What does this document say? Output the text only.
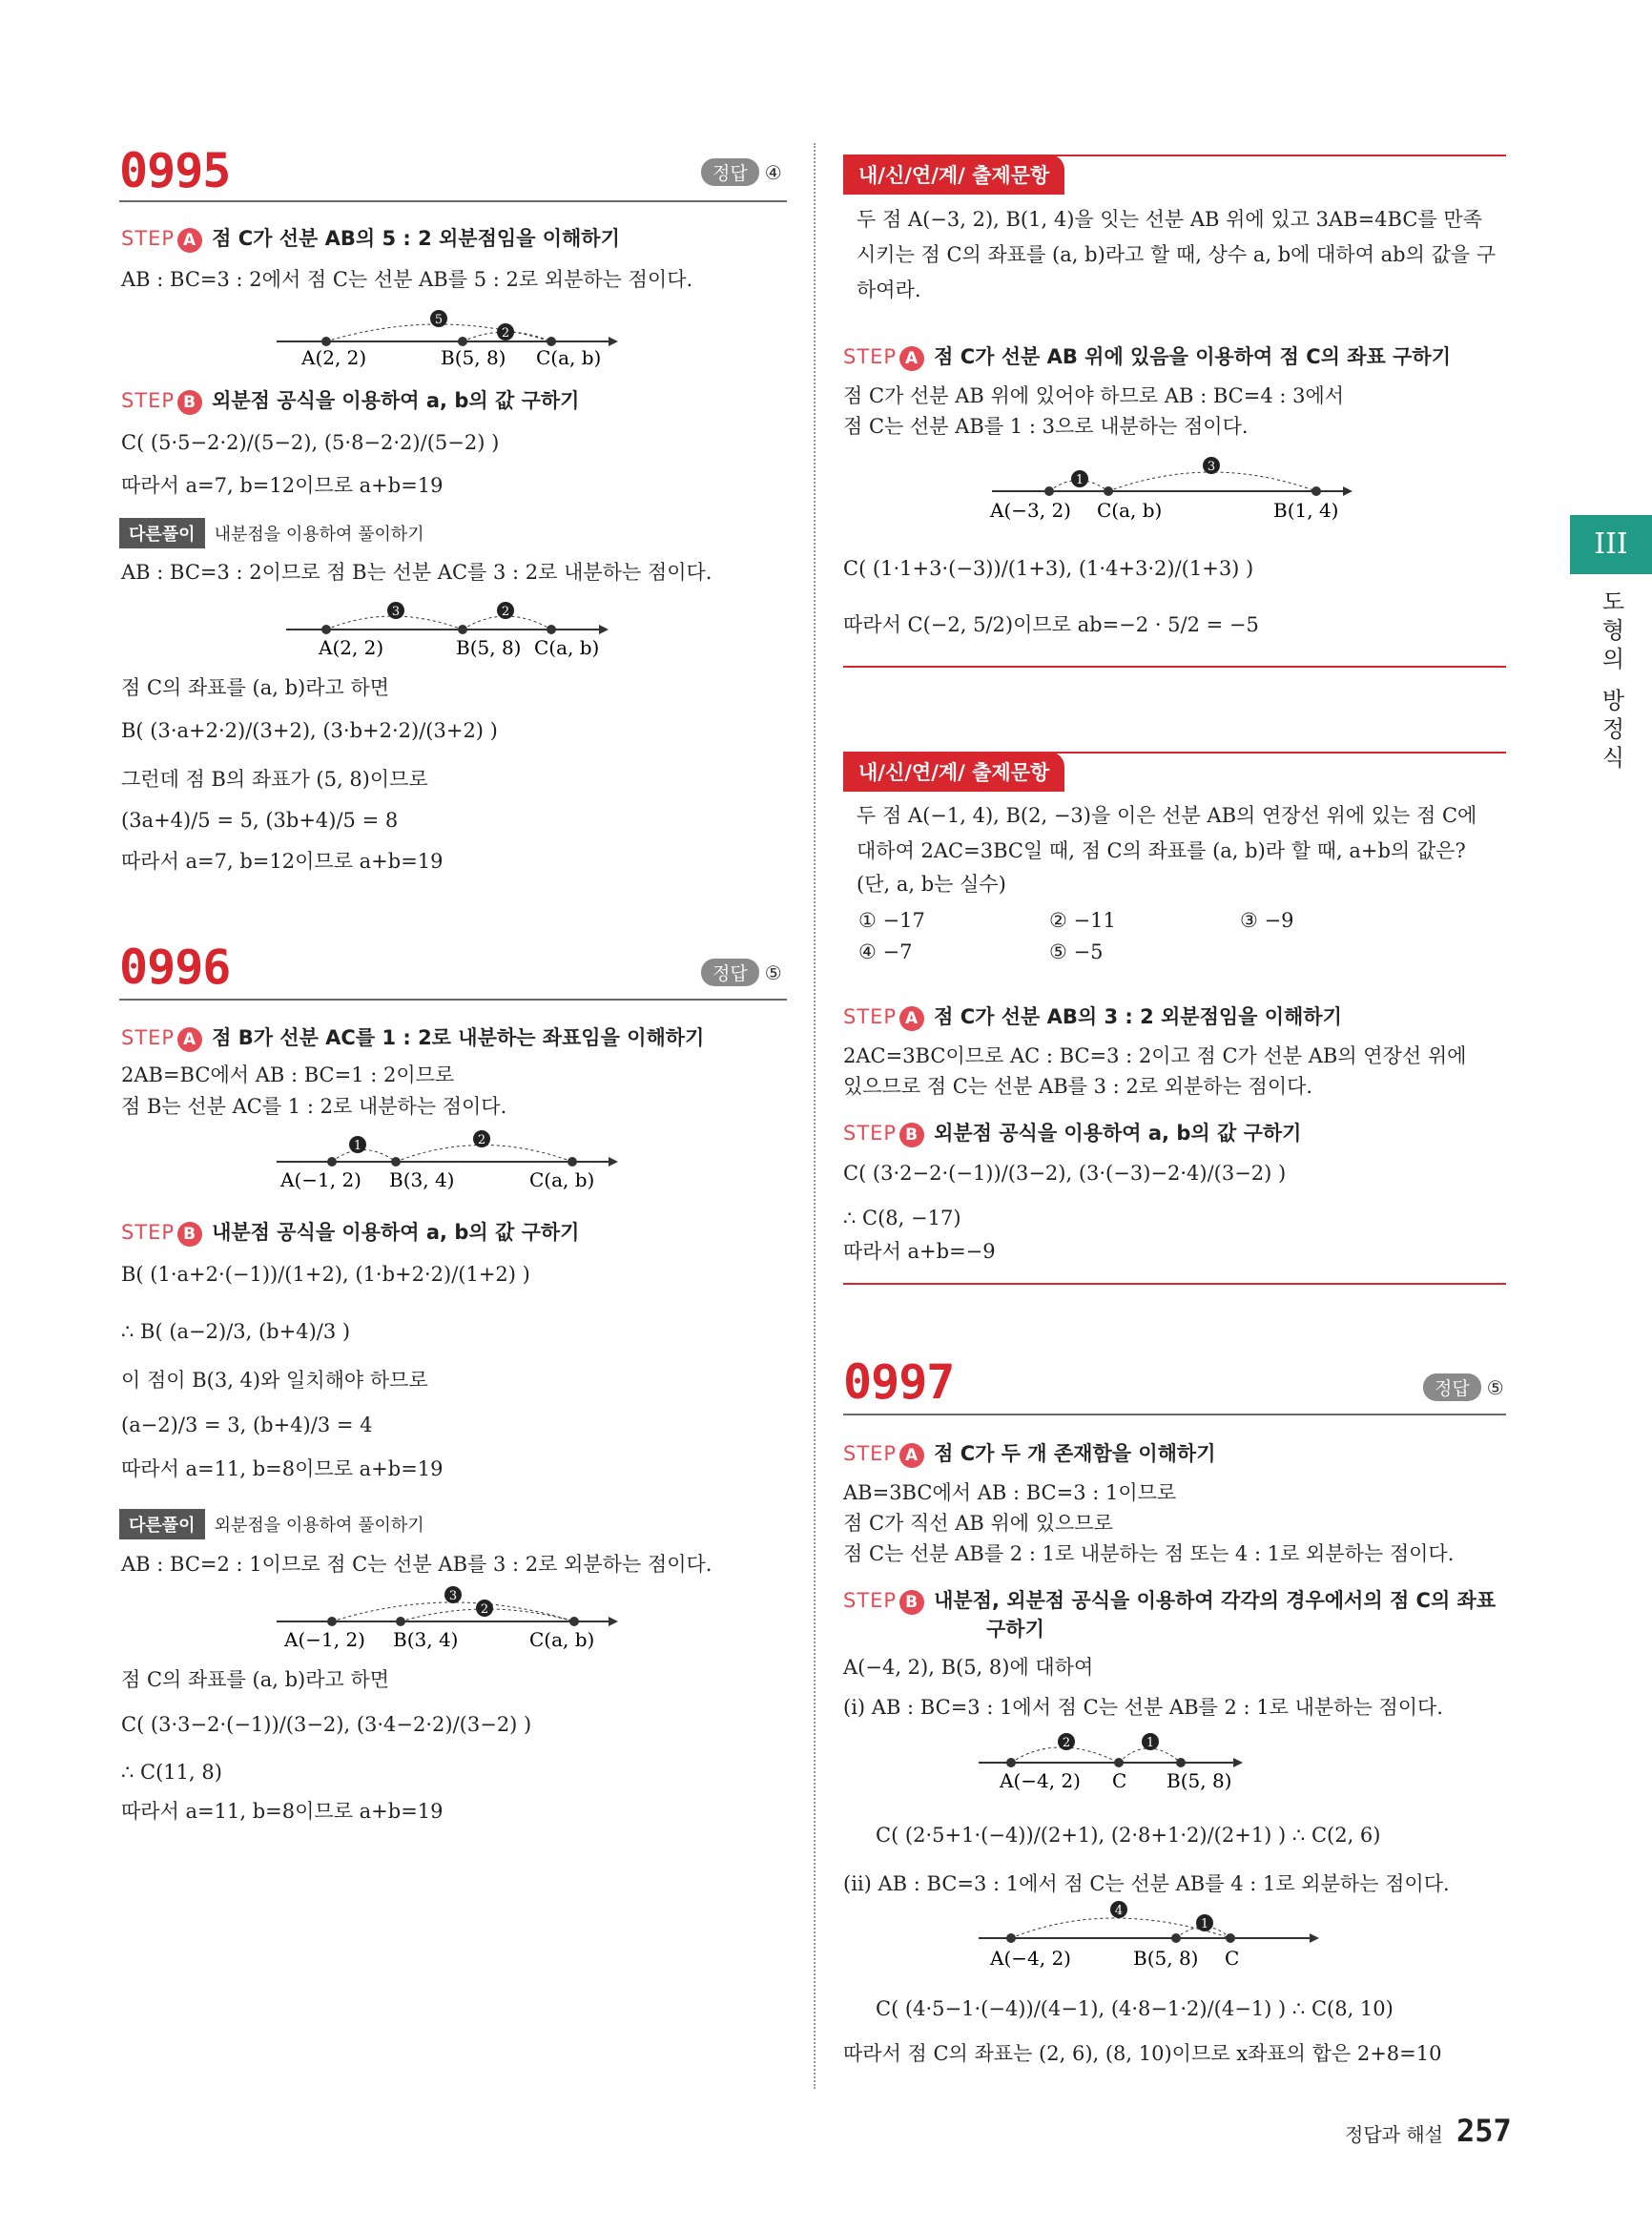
0995	정답 ④
STEP A 점 C가 선분 AB의 5 : 2 외분점임을 이해하기
AB : BC=3 : 2에서 점 C는 선분 AB를 5 : 2로 외분하는 점이다.
5
2
A(2, 2)	B(5, 8) C(a, b)
STEP B 외분점 공식을 이용하여 a, b의 값 구하기
C( (5·5−2·2)/(5−2), (5·8−2·2)/(5−2) )
따라서 a=7, b=12이므로 a+b=19
다른풀이 내분점을 이용하여 풀이하기
AB : BC=3 : 2이므로 점 B는 선분 AC를 3 : 2로 내분하는 점이다.
3	2
A(2, 2)	B(5, 8) C(a, b)
점 C의 좌표를 (a, b)라고 하면
B( (3·a+2·2)/(3+2), (3·b+2·2)/(3+2) )
그런데 점 B의 좌표가 (5, 8)이므로
(3a+4)/5 = 5, (3b+4)/5 = 8
따라서 a=7, b=12이므로 a+b=19
0996	정답 ⑤
STEP A 점 B가 선분 AC를 1 : 2로 내분하는 좌표임을 이해하기
2AB=BC에서 AB : BC=1 : 2이므로
점 B는 선분 AC를 1 : 2로 내분하는 점이다.
1	2
A(−1, 2) B(3, 4)	C(a, b)
STEP B 내분점 공식을 이용하여 a, b의 값 구하기
B( (1·a+2·(−1))/(1+2), (1·b+2·2)/(1+2) )
∴ B( (a−2)/3, (b+4)/3 )
이 점이 B(3, 4)와 일치해야 하므로
(a−2)/3 = 3, (b+4)/3 = 4
따라서 a=11, b=8이므로 a+b=19
다른풀이 외분점을 이용하여 풀이하기
AB : BC=2 : 1이므로 점 C는 선분 AB를 3 : 2로 외분하는 점이다.
3
2
A(−1, 2) B(3, 4)	C(a, b)
점 C의 좌표를 (a, b)라고 하면
C( (3·3−2·(−1))/(3−2), (3·4−2·2)/(3−2) )
∴ C(11, 8)
따라서 a=11, b=8이므로 a+b=19
내/신/연/계/ 출제문항
두 점 A(−3, 2), B(1, 4)을 잇는 선분 AB 위에 있고 3AB=4BC를 만족
시키는 점 C의 좌표를 (a, b)라고 할 때, 상수 a, b에 대하여 ab의 값을 구
하여라.
STEP A 점 C가 선분 AB 위에 있음을 이용하여 점 C의 좌표 구하기
점 C가 선분 AB 위에 있어야 하므로 AB : BC=4 : 3에서
점 C는 선분 AB를 1 : 3으로 내분하는 점이다.
1
3
A(−3, 2) C(a, b)	B(1, 4)
C( (1·1+3·(−3))/(1+3), (1·4+3·2)/(1+3) )
따라서 C(−2, 5/2)이므로 ab=−2 · 5/2 = −5
내/신/연/계/ 출제문항
두 점 A(−1, 4), B(2, −3)을 이은 선분 AB의 연장선 위에 있는 점 C에
대하여 2AC=3BC일 때, 점 C의 좌표를 (a, b)라 할 때, a+b의 값은?
(단, a, b는 실수)
① −17	② −11	③ −9
④ −7	⑤ −5
STEP A 점 C가 선분 AB의 3 : 2 외분점임을 이해하기
2AC=3BC이므로 AC : BC=3 : 2이고 점 C가 선분 AB의 연장선 위에
있으므로 점 C는 선분 AB를 3 : 2로 외분하는 점이다.
STEP B 외분점 공식을 이용하여 a, b의 값 구하기
C( (3·2−2·(−1))/(3−2), (3·(−3)−2·4)/(3−2) )
∴ C(8, −17)
따라서 a+b=−9
0997	정답 ⑤
STEP A 점 C가 두 개 존재함을 이해하기
AB=3BC에서 AB : BC=3 : 1이므로
점 C가 직선 AB 위에 있으므로
점 C는 선분 AB를 2 : 1로 내분하는 점 또는 4 : 1로 외분하는 점이다.
STEP B 내분점, 외분점 공식을 이용하여 각각의 경우에서의 점 C의 좌표
구하기
A(−4, 2), B(5, 8)에 대하여
(ⅰ) AB : BC=3 : 1에서 점 C는 선분 AB를 2 : 1로 내분하는 점이다.
2	1
A(−4, 2) C B(5, 8)
C( (2·5+1·(−4))/(2+1), (2·8+1·2)/(2+1) ) ∴ C(2, 6)
(ⅱ) AB : BC=3 : 1에서 점 C는 선분 AB를 4 : 1로 외분하는 점이다.
4
1
A(−4, 2)	B(5, 8) C
C( (4·5−1·(−4))/(4−1), (4·8−1·2)/(4−1) ) ∴ C(8, 10)
따라서 점 C의 좌표는 (2, 6), (8, 10)이므로 x좌표의 합은 2+8=10
III
도형의 방정식
정답과 해설 257
